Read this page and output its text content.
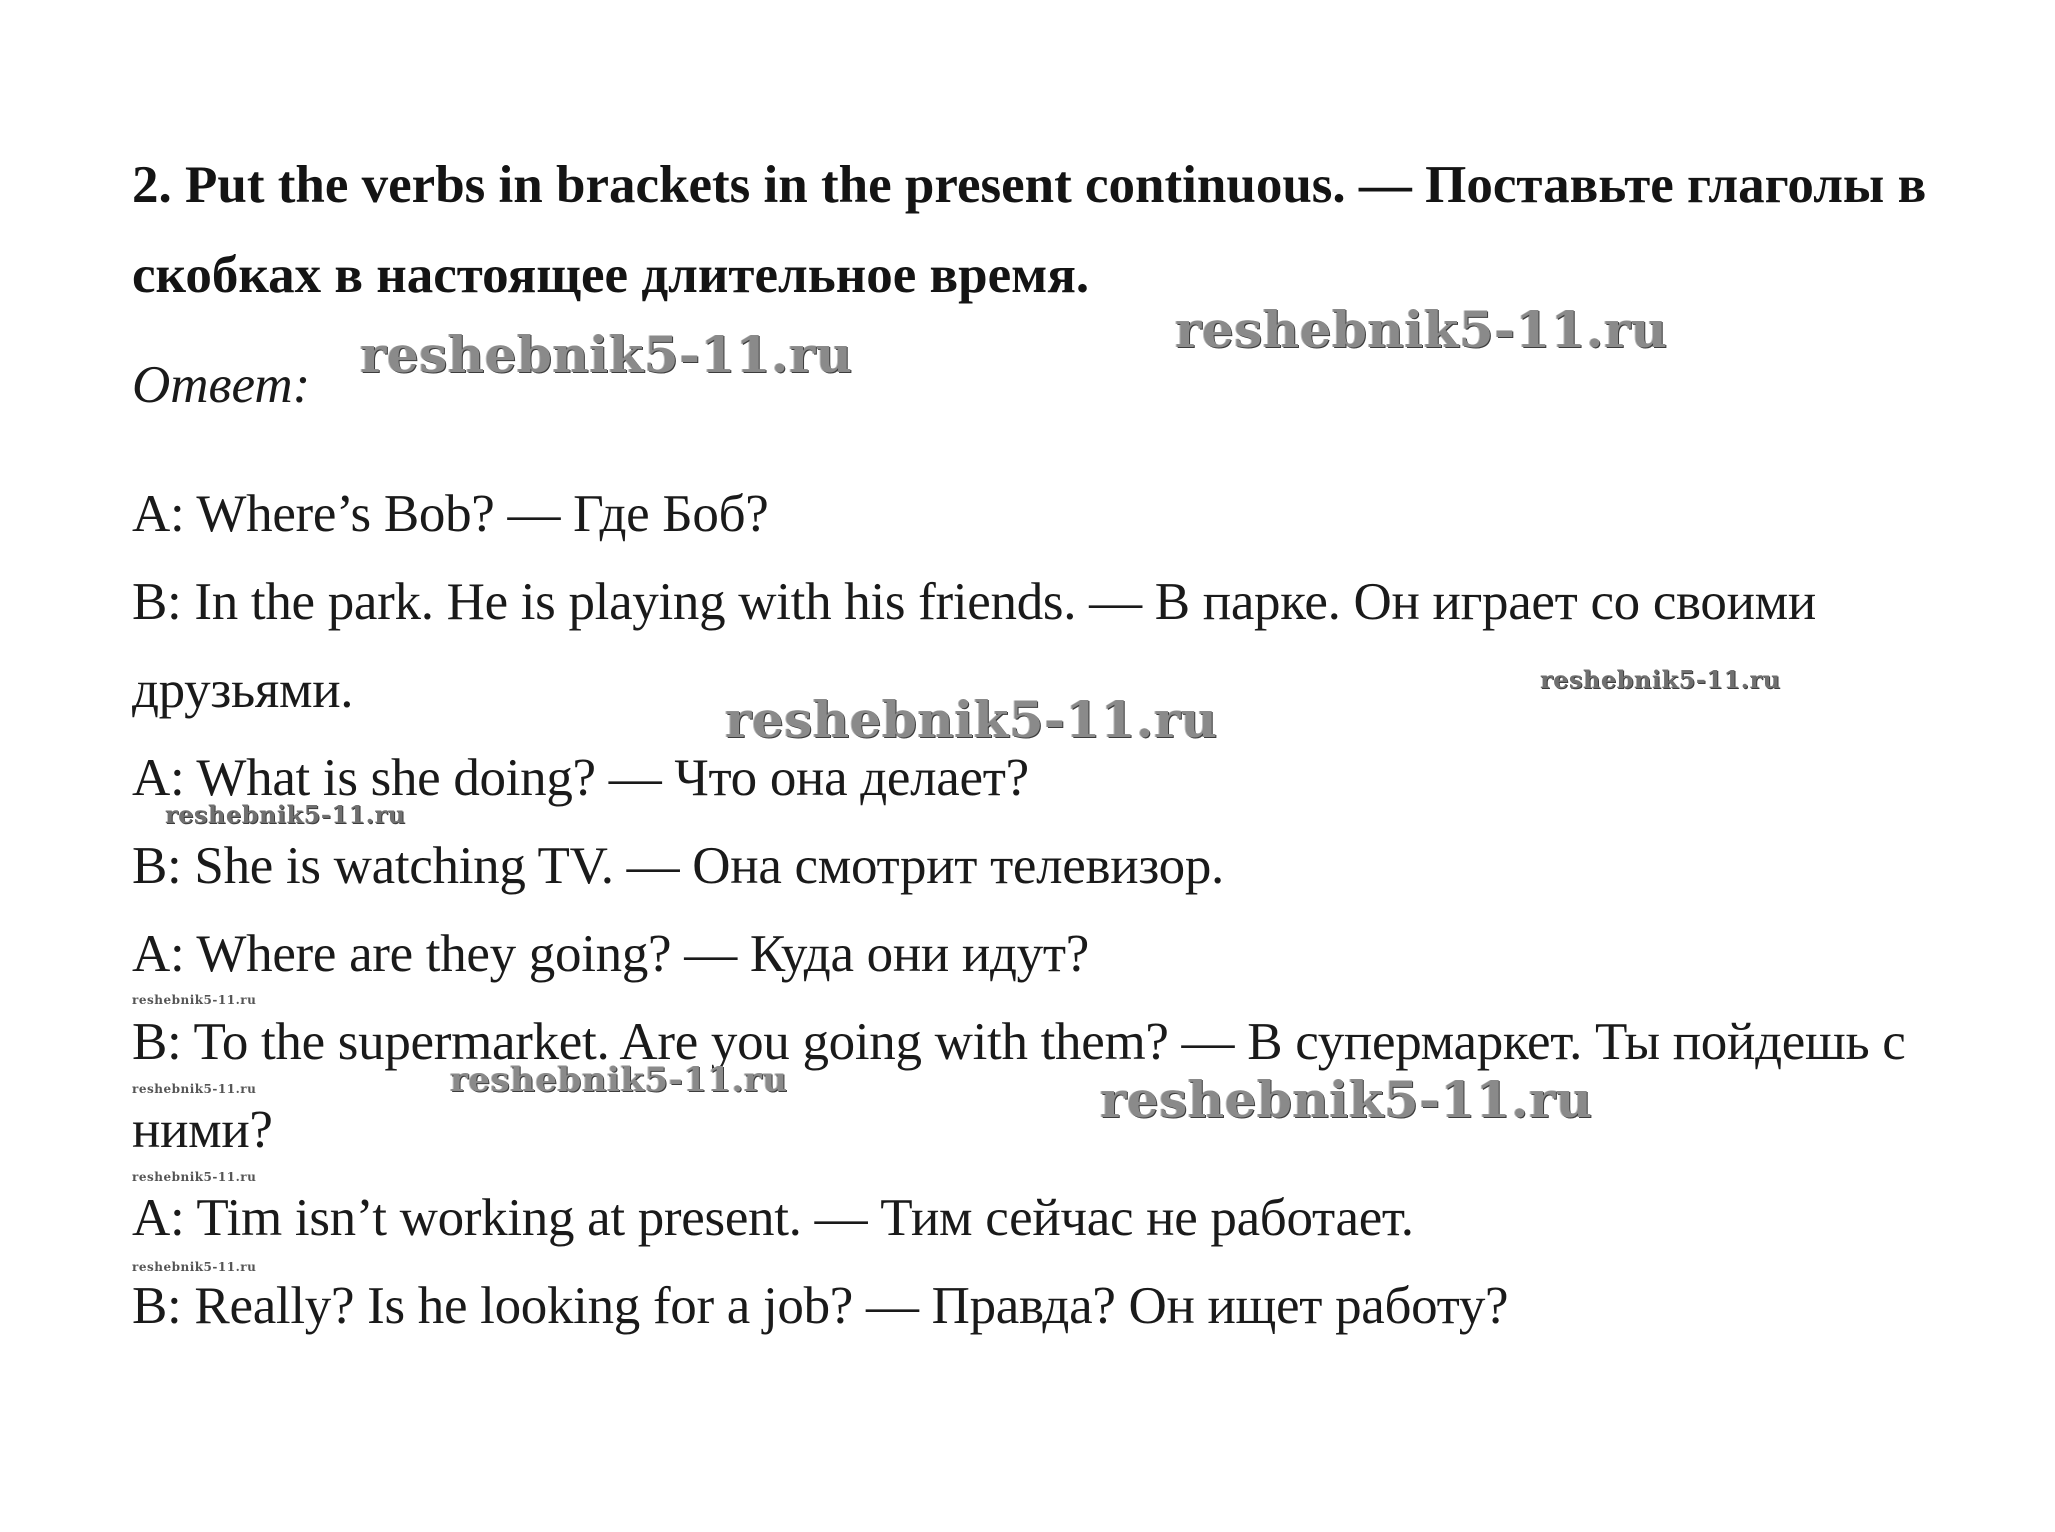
2. Put the verbs in brackets in the present continuous. — Поставьте глаголы в скобках в настоящее длительное время.

Ответ:

A: Where’s Bob? — Где Боб?

B: In the park. He is playing with his friends. — В парке. Он играет со своими друзьями.

A: What is she doing? — Что она делает?

B: She is watching TV. — Она смотрит телевизор.

A: Where are they going? — Куда они идут?

B: To the supermarket. Are you going with them? — В супермаркет. Ты пойдешь с ними?

A: Tim isn’t working at present. — Тим сейчас не работает.

B: Really? Is he looking for a job? — Правда? Он ищет работу?

reshebnik5-11.ru	reshebnik5-11.ru
reshebnik5-11.ru
reshebnik5-11.ru
reshebnik5-11.ru
reshebnik5-11.ru
reshebnik5-11.ru	reshebnik5-11.ru
reshebnik5-11.ru
reshebnik5-11.ru
reshebnik5-11.ru
